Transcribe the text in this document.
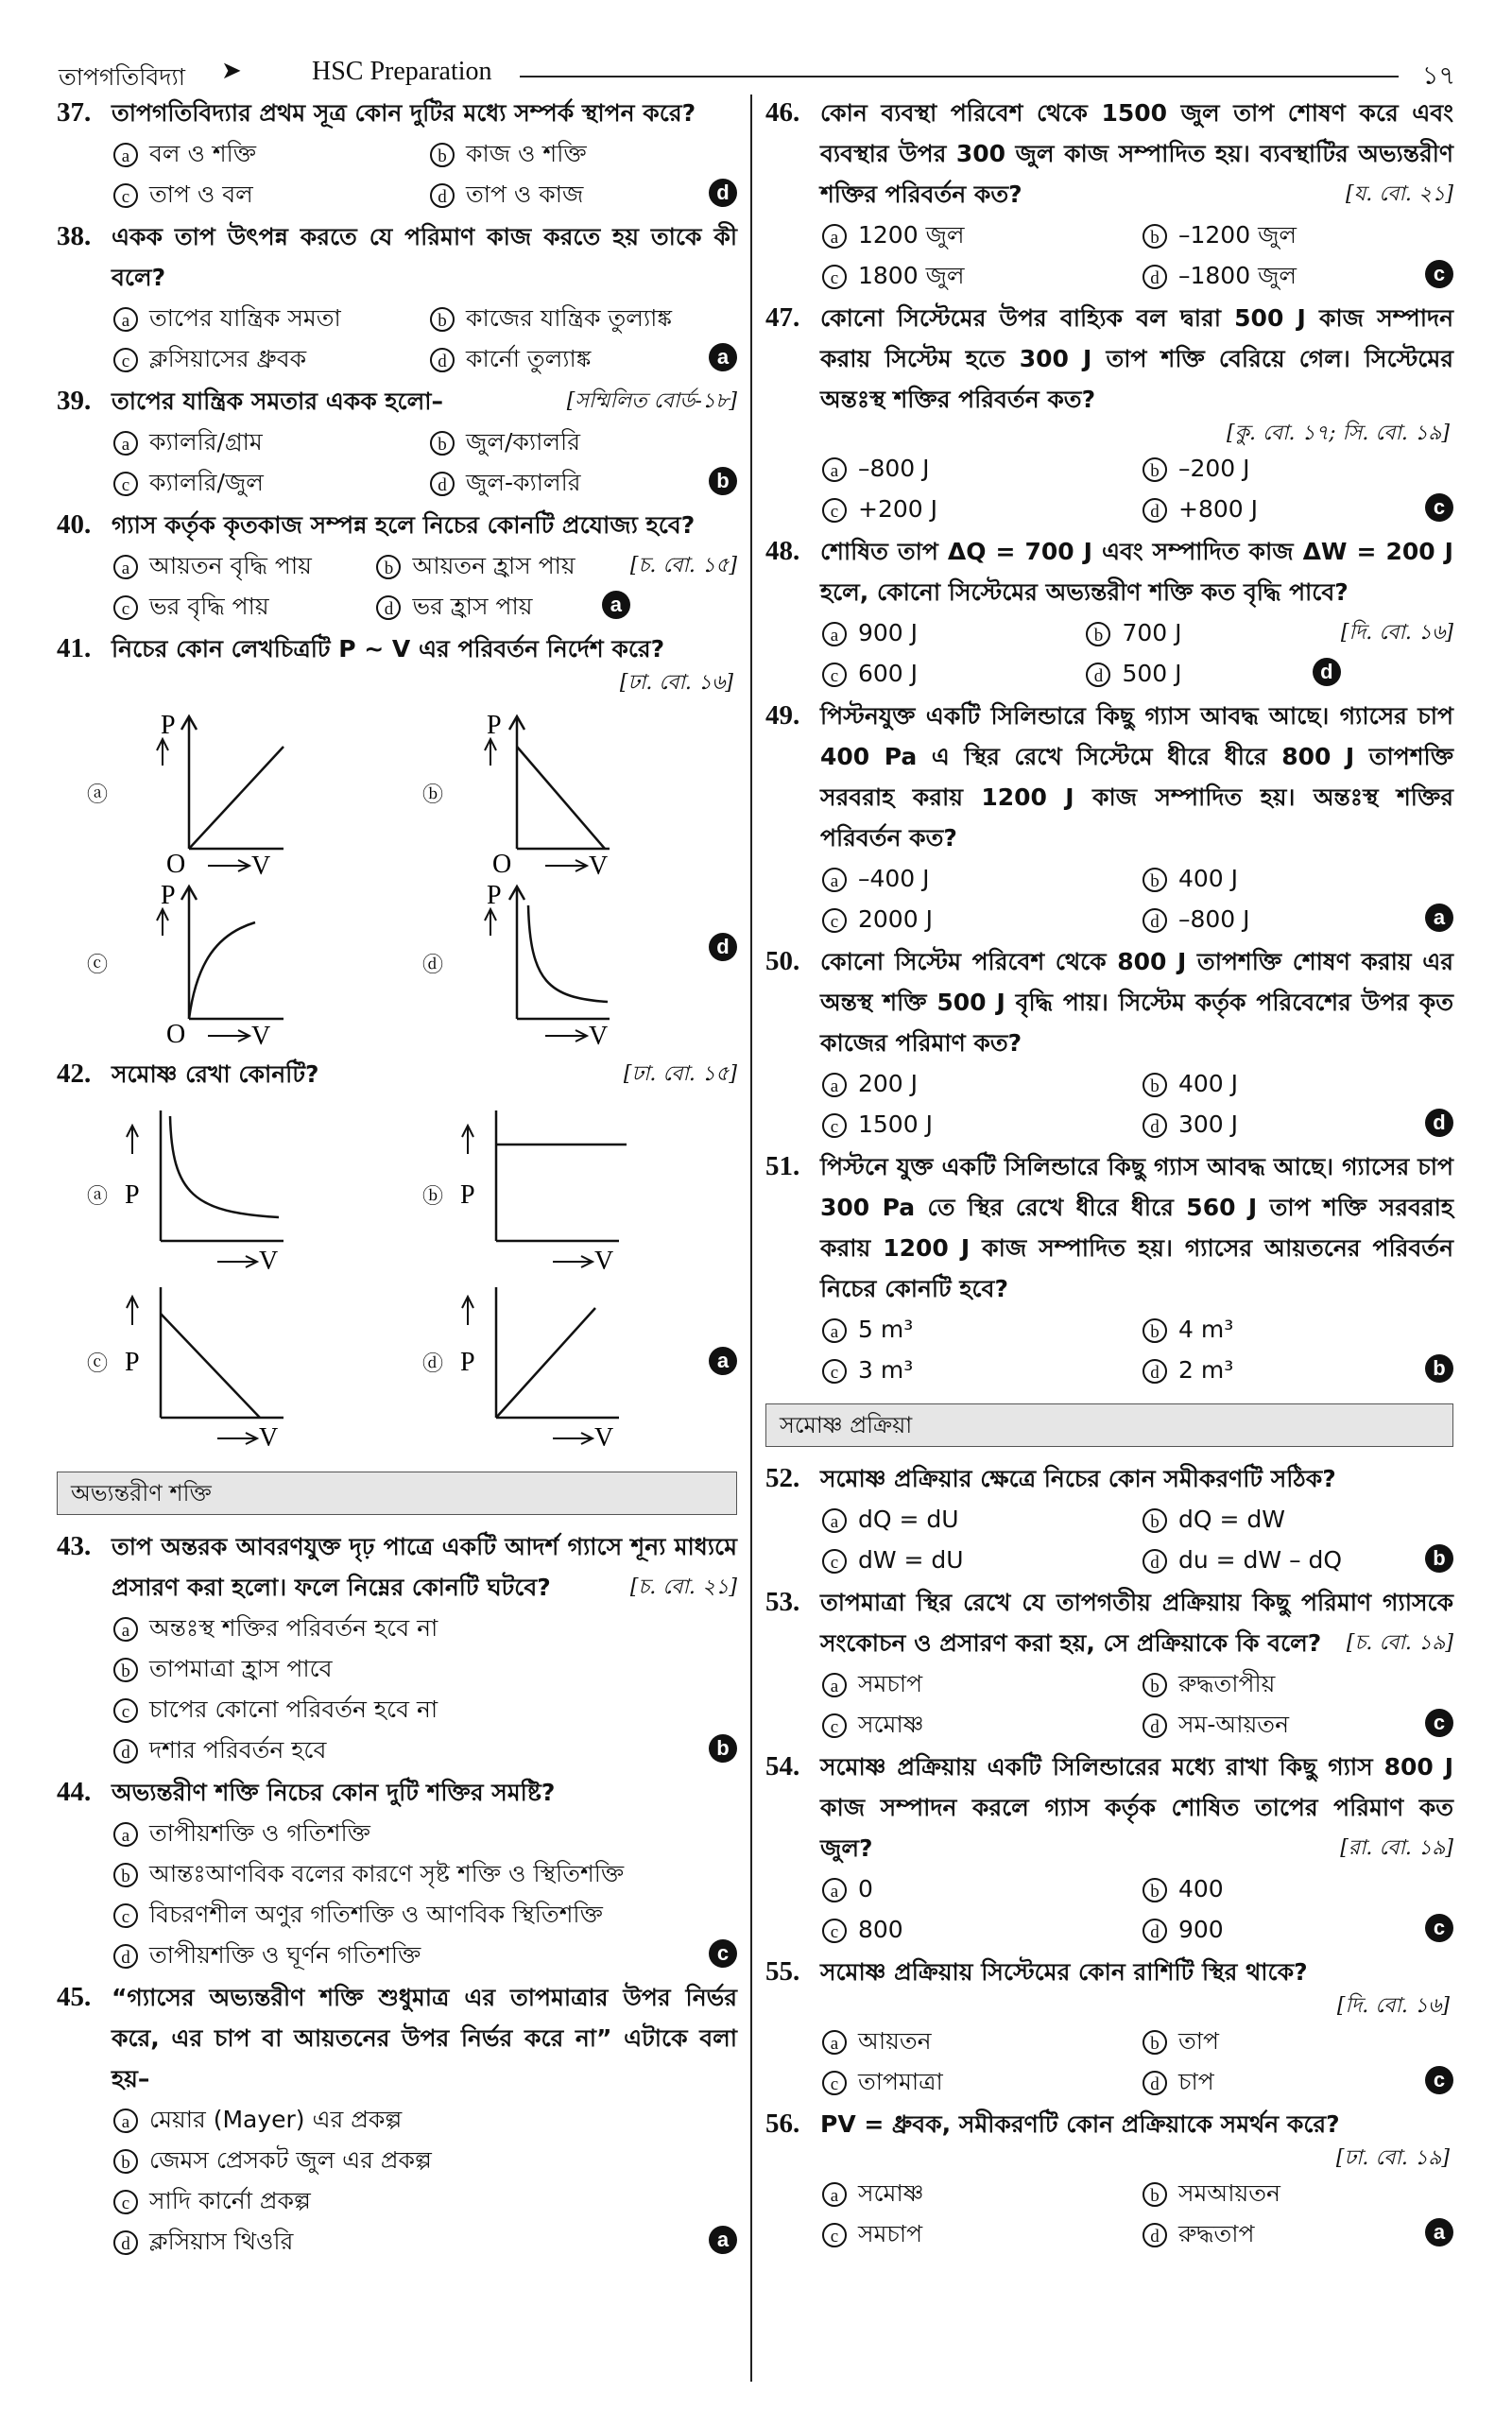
তাপগতিবিদ্যা ➤	HSC Preparation	১৭
37. তাপগতিবিদ্যার প্রথম সূত্র কোন দুটির মধ্যে সম্পর্ক স্থাপন করে?
a বল ও শক্তি	b কাজ ও শক্তি
c তাপ ও বল	d তাপ ও কাজ	d
38. একক তাপ উৎপন্ন করতে যে পরিমাণ কাজ করতে হয় তাকে কী বলে?
a তাপের যান্ত্রিক সমতা	b কাজের যান্ত্রিক তুল্যাঙ্ক
c ক্লসিয়াসের ধ্রুবক	d কার্নো তুল্যাঙ্ক	a
39. তাপের যান্ত্রিক সমতার একক হলো–	[সম্মিলিত বোর্ড-১৮]
a ক্যালরি/গ্রাম	b জুল/ক্যালরি
c ক্যালরি/জুল	d জুল-ক্যালরি	b
40. গ্যাস কর্তৃক কৃতকাজ সম্পন্ন হলে নিচের কোনটি প্রযোজ্য হবে?
[চ. বো. ১৫]
a আয়তন বৃদ্ধি পায়	b আয়তন হ্রাস পায়
c ভর বৃদ্ধি পায়	d ভর হ্রাস পায়	a
41. নিচের কোন লেখচিত্রটি P ~ V এর পরিবর্তন নির্দেশ করে?
[ঢা. বো. ১৬]
ⓐ
P
O V
ⓑ
P
O	V
ⓒ
P
O V
ⓓ
P
V
d
42. সমোষ্ণ রেখা কোনটি?	[ঢা. বো. ১৫]
ⓐ P
V
ⓑ P
V
ⓒ P
V
ⓓ P
V
a
অভ্যন্তরীণ শক্তি
43. তাপ অন্তরক আবরণযুক্ত দৃঢ় পাত্রে একটি আদর্শ গ্যাসে শূন্য মাধ্যমে প্রসারণ করা হলো। ফলে নিম্নের কোনটি ঘটবে?	[চ. বো. ২১]
a অন্তঃস্থ শক্তির পরিবর্তন হবে না
b তাপমাত্রা হ্রাস পাবে
c চাপের কোনো পরিবর্তন হবে না
d দশার পরিবর্তন হবে	b
44. অভ্যন্তরীণ শক্তি নিচের কোন দুটি শক্তির সমষ্টি?
a তাপীয়শক্তি ও গতিশক্তি
b আন্তঃআণবিক বলের কারণে সৃষ্ট শক্তি ও স্থিতিশক্তি
c বিচরণশীল অণুর গতিশক্তি ও আণবিক স্থিতিশক্তি
d তাপীয়শক্তি ও ঘূর্ণন গতিশক্তি	c
45. “গ্যাসের অভ্যন্তরীণ শক্তি শুধুমাত্র এর তাপমাত্রার উপর নির্ভর করে, এর চাপ বা আয়তনের উপর নির্ভর করে না” এটাকে বলা হয়–
a মেয়ার (Mayer) এর প্রকল্প
b জেমস প্রেসকট জুল এর প্রকল্প
c সাদি কার্নো প্রকল্প
d ক্লসিয়াস থিওরি	a
46. কোন ব্যবস্থা পরিবেশ থেকে 1500 জুল তাপ শোষণ করে এবং ব্যবস্থার উপর 300 জুল কাজ সম্পাদিত হয়। ব্যবস্থাটির অভ্যন্তরীণ শক্তির পরিবর্তন কত?	[য. বো. ২১]
a 1200 জুল	b –1200 জুল
c 1800 জুল	d –1800 জুল	c
47. কোনো সিস্টেমের উপর বাহ্যিক বল দ্বারা 500 J কাজ সম্পাদন করায় সিস্টেম হতে 300 J তাপ শক্তি বেরিয়ে গেল। সিস্টেমের অন্তঃস্থ শক্তির পরিবর্তন কত?
[কু. বো. ১৭; সি. বো. ১৯]
a –800 J	b –200 J
c +200 J	d +800 J	c
48. শোষিত তাপ ΔQ = 700 J এবং সম্পাদিত কাজ ΔW = 200 J হলে, কোনো সিস্টেমের অভ্যন্তরীণ শক্তি কত বৃদ্ধি পাবে?
[দি. বো. ১৬]
a 900 J	b 700 J
c 600 J	d 500 J	d
49. পিস্টনযুক্ত একটি সিলিন্ডারে কিছু গ্যাস আবদ্ধ আছে। গ্যাসের চাপ 400 Pa এ স্থির রেখে সিস্টেমে ধীরে ধীরে 800 J তাপশক্তি সরবরাহ করায় 1200 J কাজ সম্পাদিত হয়। অন্তঃস্থ শক্তির পরিবর্তন কত?
a –400 J	b 400 J
c 2000 J	d –800 J	a
50. কোনো সিস্টেম পরিবেশ থেকে 800 J তাপশক্তি শোষণ করায় এর অন্তস্থ শক্তি 500 J বৃদ্ধি পায়। সিস্টেম কর্তৃক পরিবেশের উপর কৃত কাজের পরিমাণ কত?
a 200 J	b 400 J
c 1500 J	d 300 J	d
51. পিস্টনে যুক্ত একটি সিলিন্ডারে কিছু গ্যাস আবদ্ধ আছে। গ্যাসের চাপ 300 Pa তে স্থির রেখে ধীরে ধীরে 560 J তাপ শক্তি সরবরাহ করায় 1200 J কাজ সম্পাদিত হয়। গ্যাসের আয়তনের পরিবর্তন নিচের কোনটি হবে?
a 5 m³	b 4 m³
c 3 m³	d 2 m³	b
সমোষ্ণ প্রক্রিয়া
52. সমোষ্ণ প্রক্রিয়ার ক্ষেত্রে নিচের কোন সমীকরণটি সঠিক?
a dQ = dU	b dQ = dW
c dW = dU	d du = dW – dQ	b
53. তাপমাত্রা স্থির রেখে যে তাপগতীয় প্রক্রিয়ায় কিছু পরিমাণ গ্যাসকে সংকোচন ও প্রসারণ করা হয়, সে প্রক্রিয়াকে কি বলে? [চ. বো. ১৯]
a সমচাপ	b রুদ্ধতাপীয়
c সমোষ্ণ	d সম-আয়তন	c
54. সমোষ্ণ প্রক্রিয়ায় একটি সিলিন্ডারের মধ্যে রাখা কিছু গ্যাস 800 J কাজ সম্পাদন করলে গ্যাস কর্তৃক শোষিত তাপের পরিমাণ কত জুল?	[রা. বো. ১৯]
a 0	b 400
c 800	d 900	c
55. সমোষ্ণ প্রক্রিয়ায় সিস্টেমের কোন রাশিটি স্থির থাকে?
[দি. বো. ১৬]
a আয়তন	b তাপ
c তাপমাত্রা	d চাপ	c
56. PV = ধ্রুবক, সমীকরণটি কোন প্রক্রিয়াকে সমর্থন করে?
[ঢা. বো. ১৯]
a সমোষ্ণ	b সমআয়তন
c সমচাপ	d রুদ্ধতাপ	a
